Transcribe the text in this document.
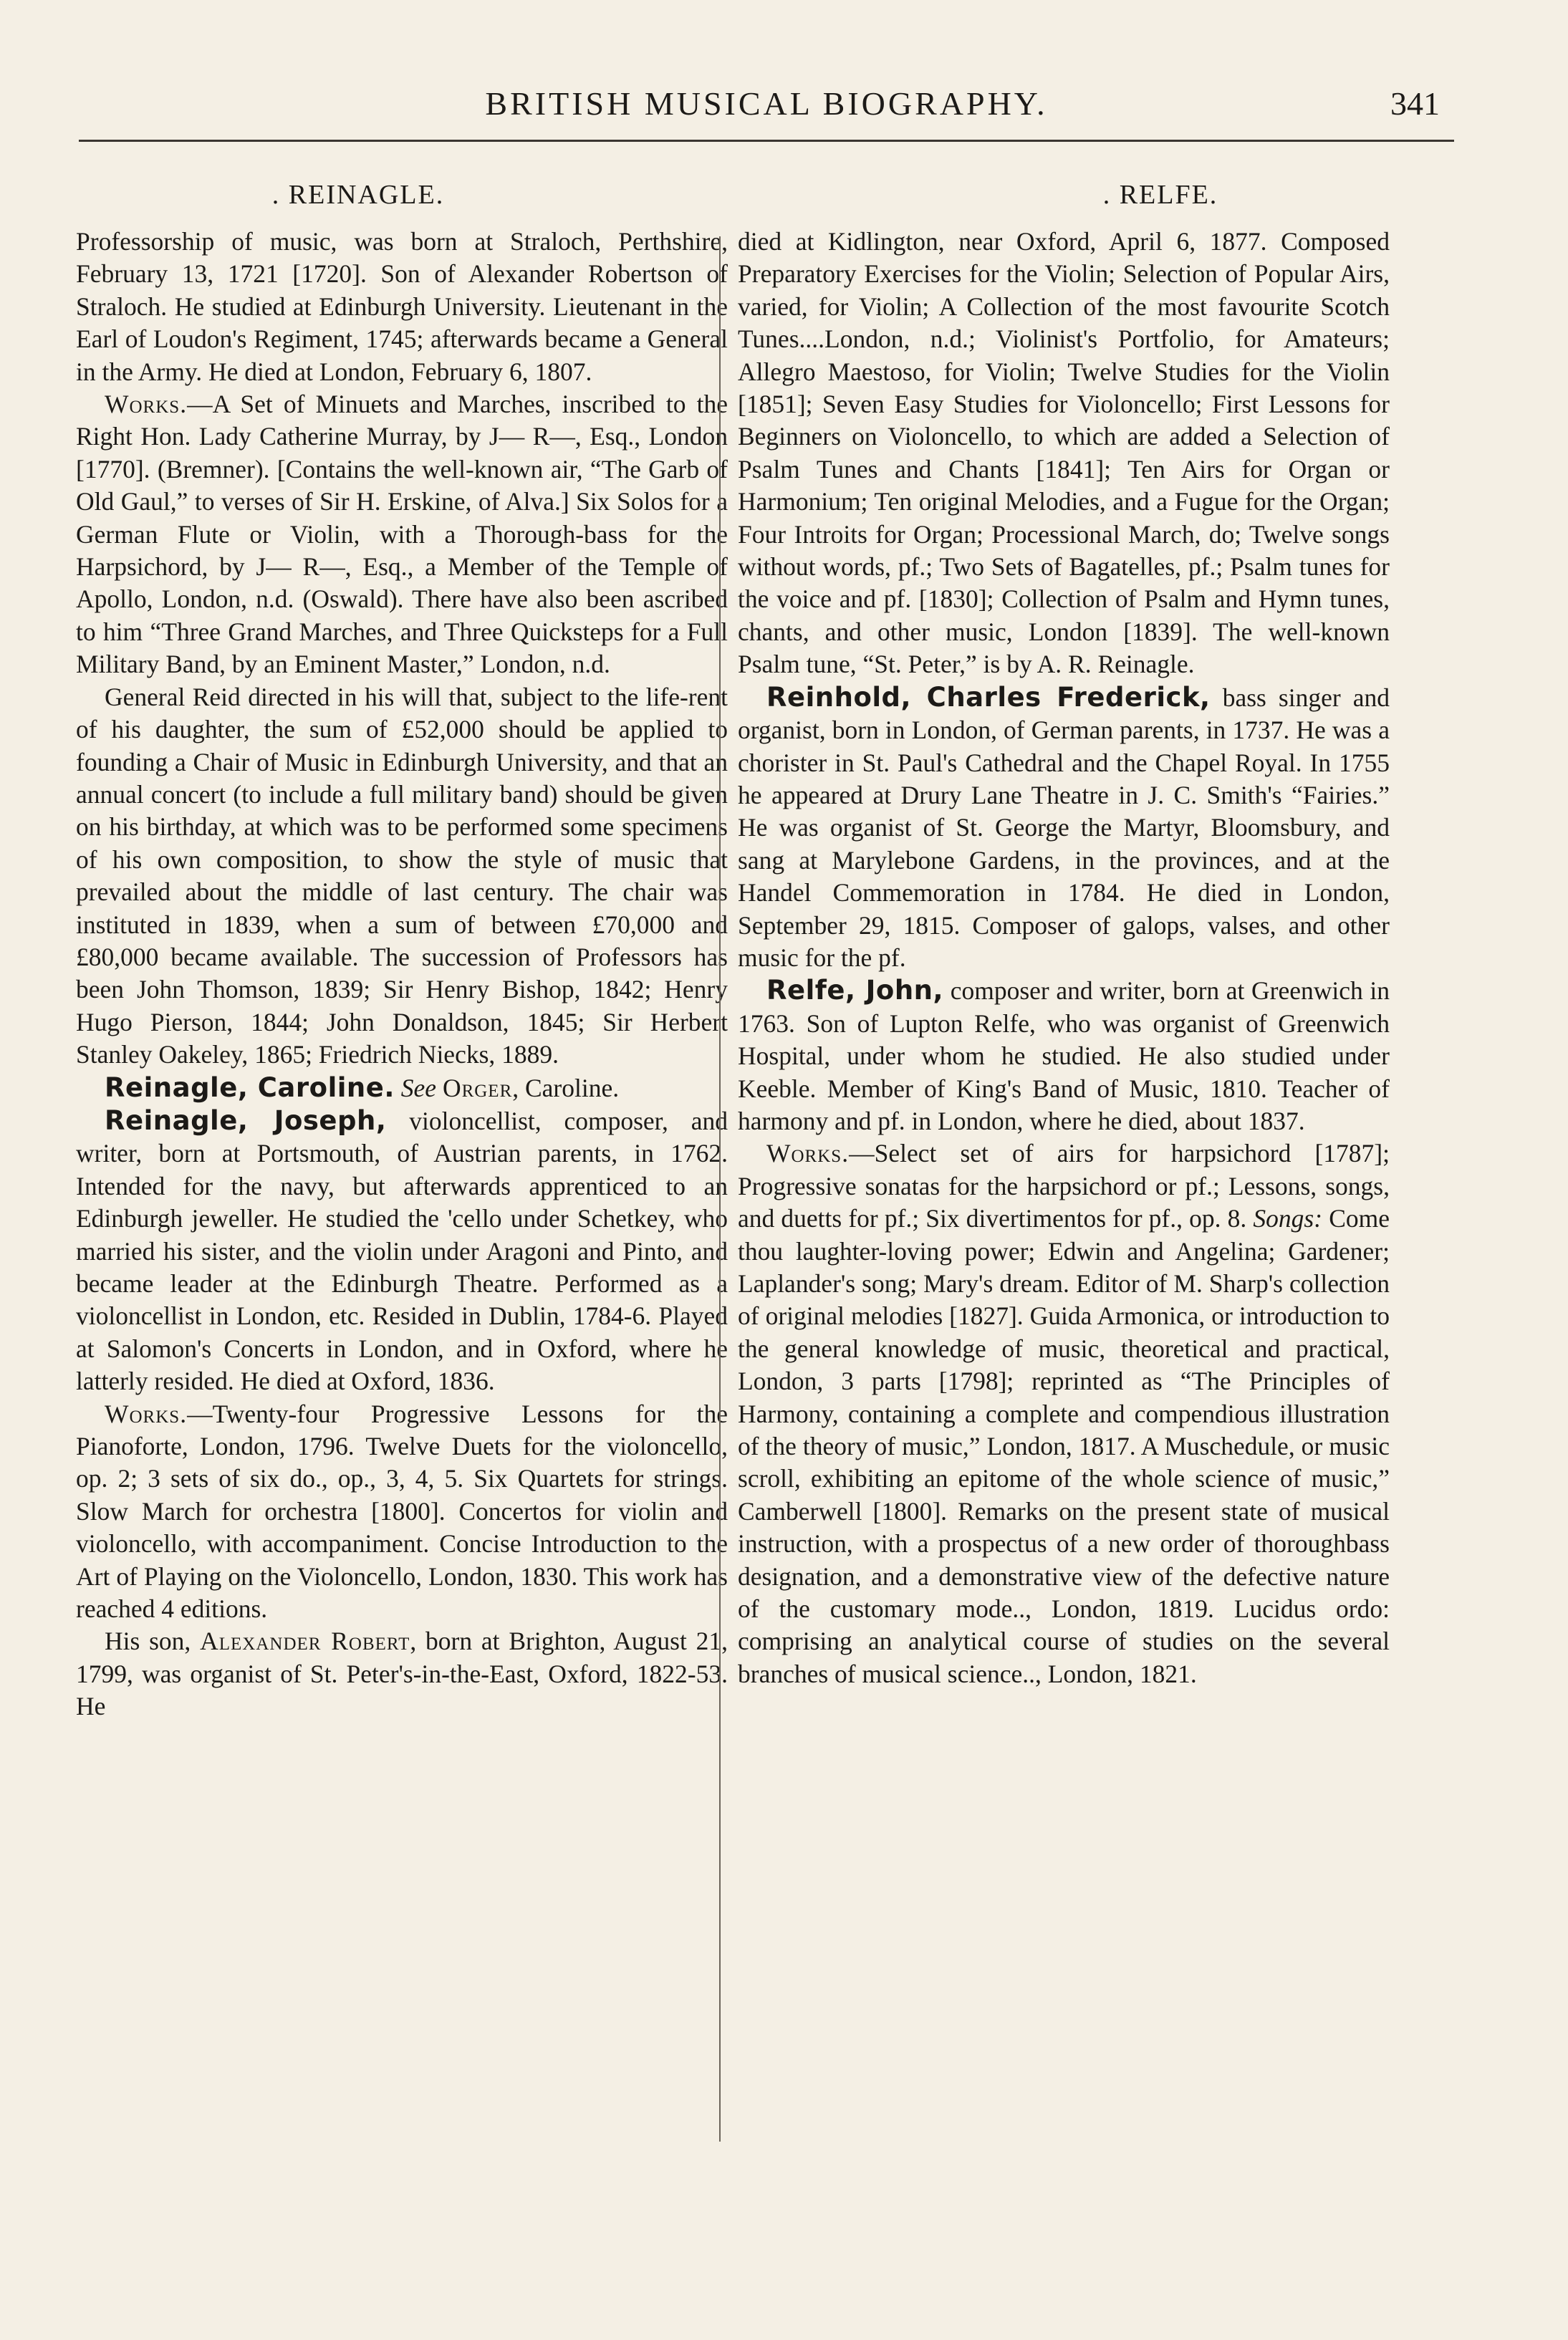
BRITISH MUSICAL BIOGRAPHY.	341
. REINAGLE.	. RELFE.

Professorship of music, was born at Straloch, Perthshire, February 13, 1721 [1720]. Son of Alexander Robertson of Straloch. He studied at Edinburgh University. Lieutenant in the Earl of Loudon's Regiment, 1745; afterwards became a General in the Army. He died at London, February 6, 1807.

Works.—A Set of Minuets and Marches, inscribed to the Right Hon. Lady Catherine Murray, by J— R—, Esq., London [1770]. (Bremner). [Contains the well-known air, “The Garb of Old Gaul,” to verses of Sir H. Erskine, of Alva.] Six Solos for a German Flute or Violin, with a Thorough-bass for the Harpsichord, by J— R—, Esq., a Member of the Temple of Apollo, London, n.d. (Oswald). There have also been ascribed to him “Three Grand Marches, and Three Quicksteps for a Full Military Band, by an Eminent Master,” London, n.d.

General Reid directed in his will that, subject to the life-rent of his daughter, the sum of £52,000 should be applied to founding a Chair of Music in Edinburgh University, and that an annual concert (to include a full military band) should be given on his birthday, at which was to be performed some specimens of his own composition, to show the style of music that prevailed about the middle of last century. The chair was instituted in 1839, when a sum of between £70,000 and £80,000 became available. The succession of Professors has been John Thomson, 1839; Sir Henry Bishop, 1842; Henry Hugo Pierson, 1844; John Donaldson, 1845; Sir Herbert Stanley Oakeley, 1865; Friedrich Niecks, 1889.

Reinagle, Caroline. See Orger, Caroline.

Reinagle, Joseph, violoncellist, composer, and writer, born at Portsmouth, of Austrian parents, in 1762. Intended for the navy, but afterwards apprenticed to an Edinburgh jeweller. He studied the 'cello under Schetkey, who married his sister, and the violin under Aragoni and Pinto, and became leader at the Edinburgh Theatre. Performed as a violoncellist in London, etc. Resided in Dublin, 1784-6. Played at Salomon's Concerts in London, and in Oxford, where he latterly resided. He died at Oxford, 1836.

Works.—Twenty-four Progressive Lessons for the Pianoforte, London, 1796. Twelve Duets for the violoncello, op. 2; 3 sets of six do., op., 3, 4, 5. Six Quartets for strings. Slow March for orchestra [1800]. Concertos for violin and violoncello, with accompaniment. Concise Introduction to the Art of Playing on the Violoncello, London, 1830. This work has reached 4 editions.

His son, Alexander Robert, born at Brighton, August 21, 1799, was organist of St. Peter's-in-the-East, Oxford, 1822-53. He

died at Kidlington, near Oxford, April 6, 1877. Composed Preparatory Exercises for the Violin; Selection of Popular Airs, varied, for Violin; A Collection of the most favourite Scotch Tunes....London, n.d.; Violinist's Portfolio, for Amateurs; Allegro Maestoso, for Violin; Twelve Studies for the Violin [1851]; Seven Easy Studies for Violoncello; First Lessons for Beginners on Violoncello, to which are added a Selection of Psalm Tunes and Chants [1841]; Ten Airs for Organ or Harmonium; Ten original Melodies, and a Fugue for the Organ; Four Introits for Organ; Processional March, do; Twelve songs without words, pf.; Two Sets of Bagatelles, pf.; Psalm tunes for the voice and pf. [1830]; Collection of Psalm and Hymn tunes, chants, and other music, London [1839]. The well-known Psalm tune, “St. Peter,” is by A. R. Reinagle.

Reinhold, Charles Frederick, bass singer and organist, born in London, of German parents, in 1737. He was a chorister in St. Paul's Cathedral and the Chapel Royal. In 1755 he appeared at Drury Lane Theatre in J. C. Smith's “Fairies.” He was organist of St. George the Martyr, Bloomsbury, and sang at Marylebone Gardens, in the provinces, and at the Handel Commemoration in 1784. He died in London, September 29, 1815. Composer of galops, valses, and other music for the pf.

Relfe, John, composer and writer, born at Greenwich in 1763. Son of Lupton Relfe, who was organist of Greenwich Hospital, under whom he studied. He also studied under Keeble. Member of King's Band of Music, 1810. Teacher of harmony and pf. in London, where he died, about 1837.

Works.—Select set of airs for harpsichord [1787]; Progressive sonatas for the harpsichord or pf.; Lessons, songs, and duetts for pf.; Six divertimentos for pf., op. 8. Songs: Come thou laughter-loving power; Edwin and Angelina; Gardener; Laplander's song; Mary's dream. Editor of M. Sharp's collection of original melodies [1827]. Guida Armonica, or introduction to the general knowledge of music, theoretical and practical, London, 3 parts [1798]; reprinted as “The Principles of Harmony, containing a complete and compendious illustration of the theory of music,” London, 1817. A Muschedule, or music scroll, exhibiting an epitome of the whole science of music,” Camberwell [1800]. Remarks on the present state of musical instruction, with a prospectus of a new order of thoroughbass designation, and a demonstrative view of the defective nature of the customary mode.., London, 1819. Lucidus ordo: comprising an analytical course of studies on the several branches of musical science.., London, 1821.
